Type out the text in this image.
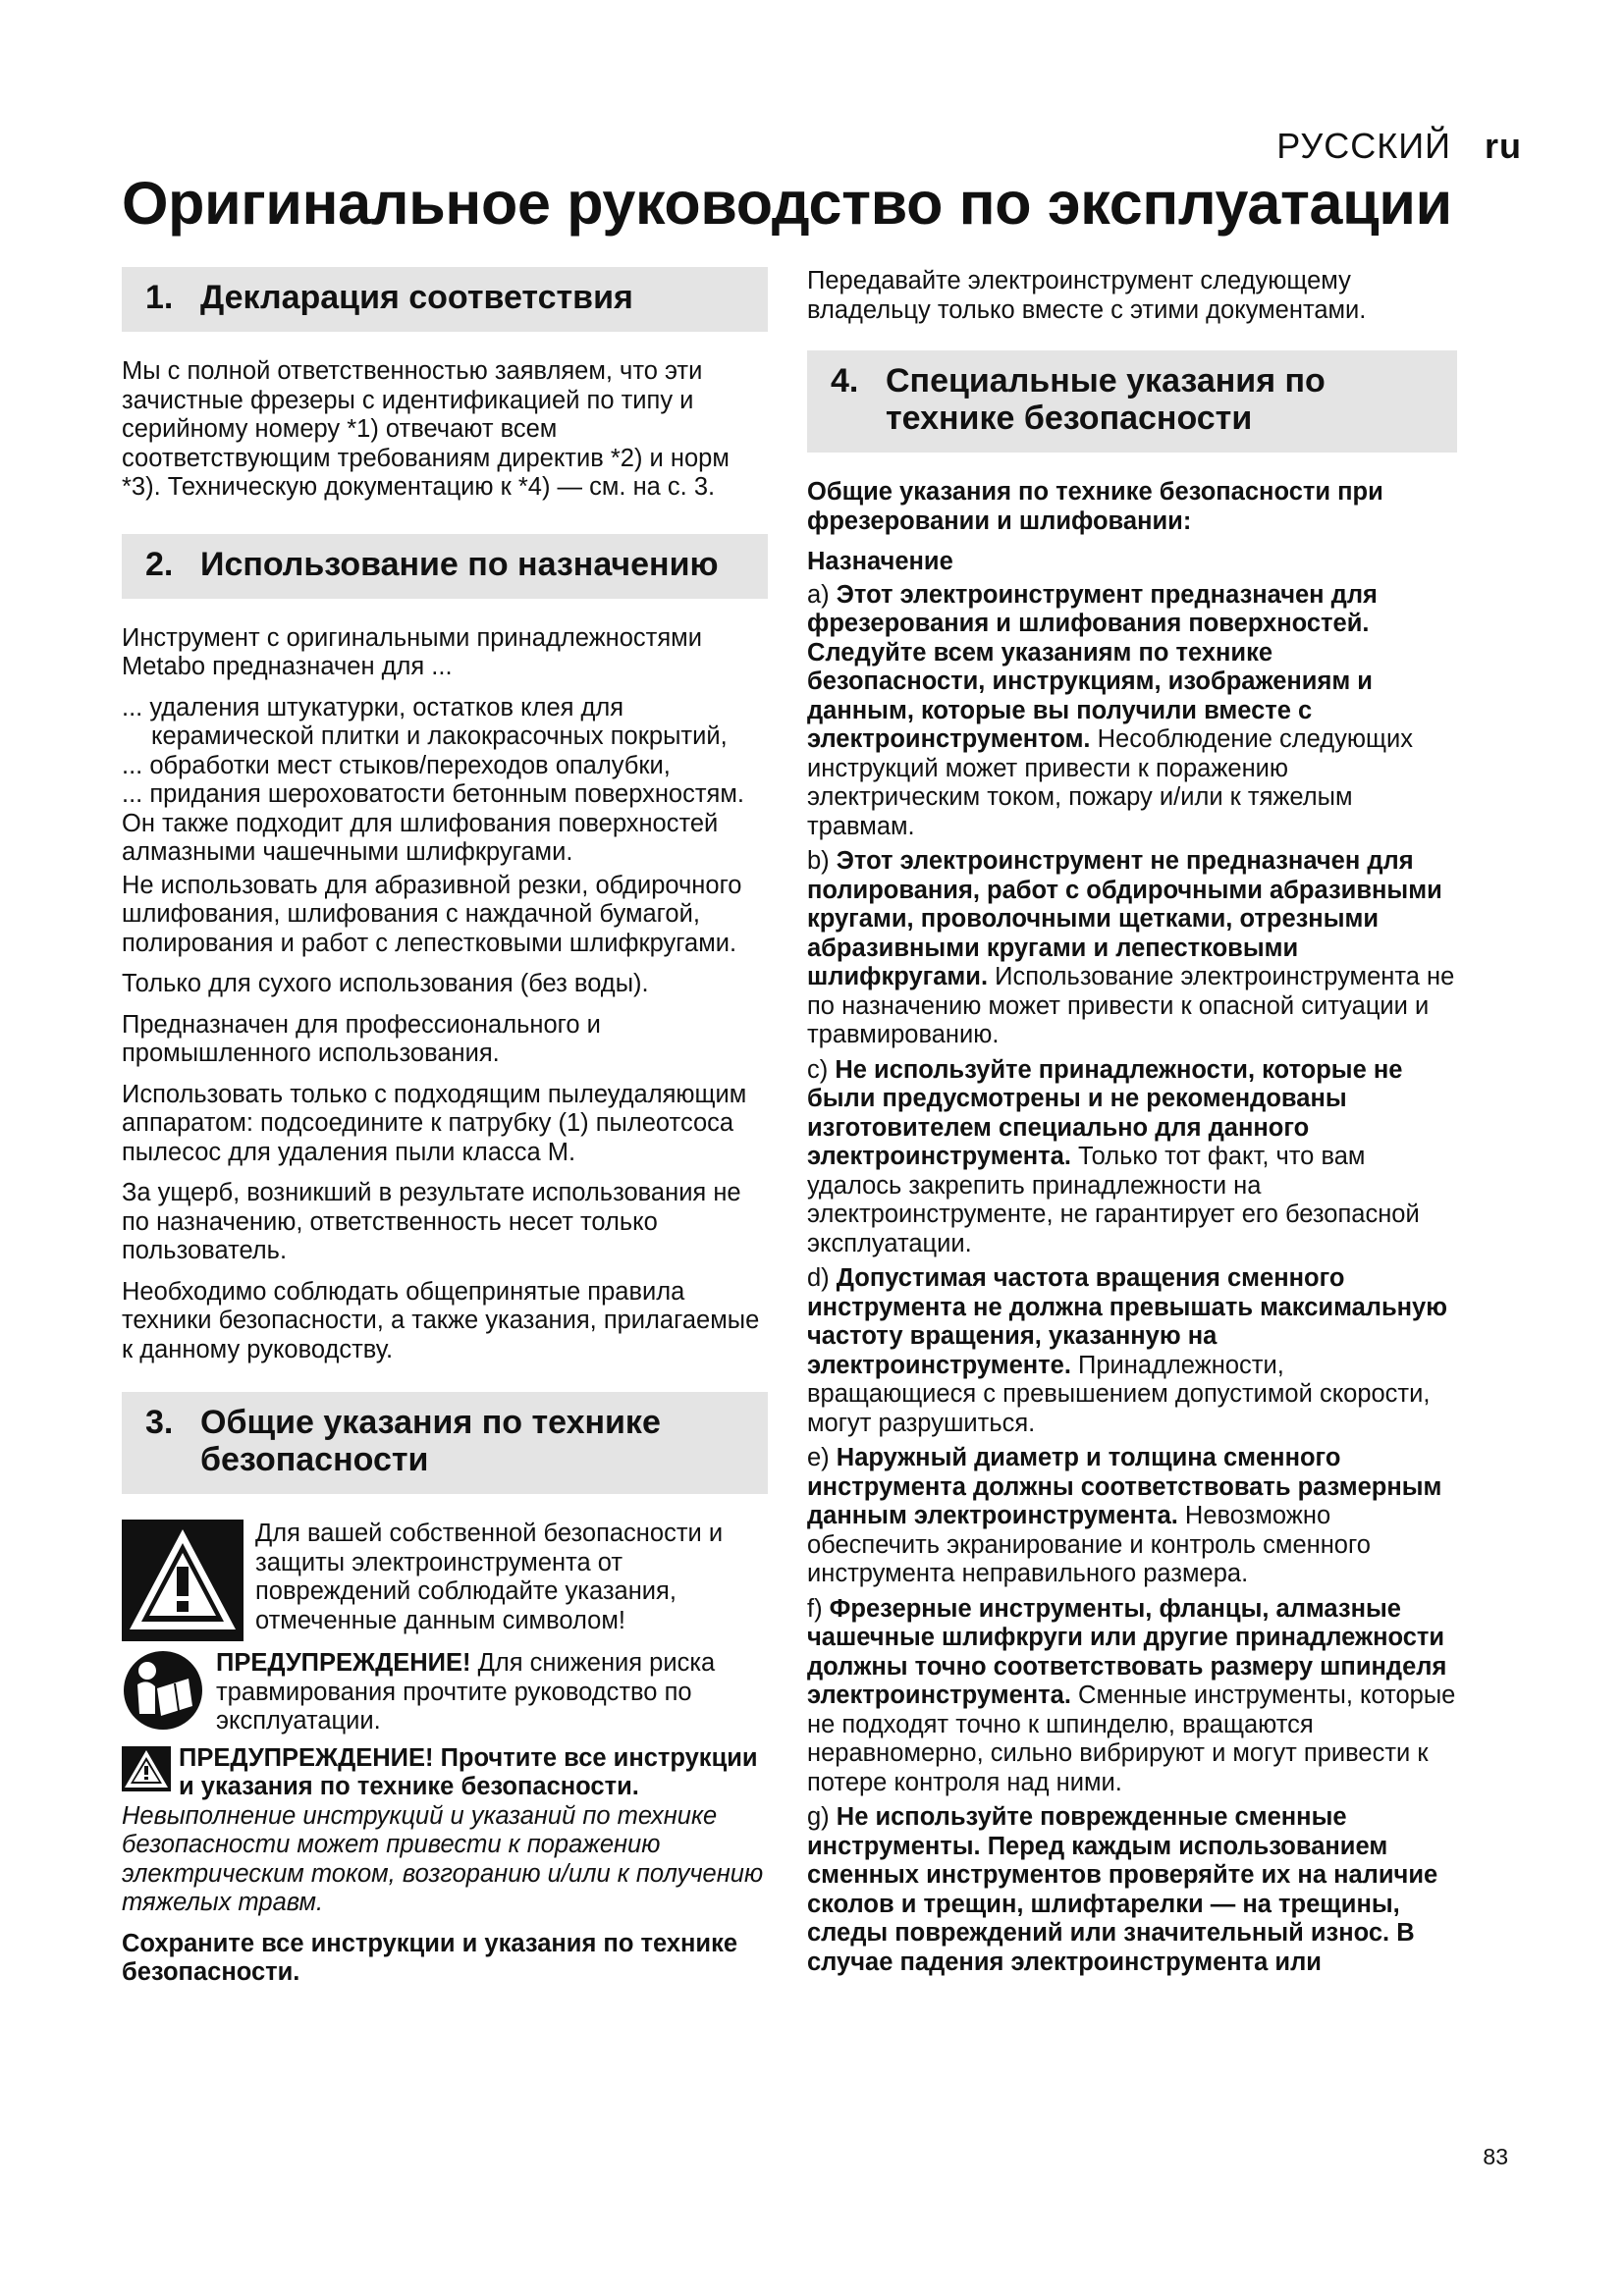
РУССКИЙ ru
Оригинальное руководство по эксплуатации
1. Декларация соответствия

Мы с полной ответственностью заявляем, что эти зачистные фрезеры с идентификацией по типу и серийному номеру *1) отвечают всем соответствующим требованиям директив *2) и норм *3). Техническую документацию к *4) — см. на с. 3.

2. Использование по назначению

Инструмент с оригинальными принадлежностями Metabo предназначен для ...

... удаления штукатурки, остатков клея для керамической плитки и лакокрасочных покрытий,

... обработки мест стыков/переходов опалубки,

... придания шероховатости бетонным поверхностям.

Он также подходит для шлифования поверхностей алмазными чашечными шлифкругами.

Не использовать для абразивной резки, обдирочного шлифования, шлифования с наждачной бумагой, полирования и работ с лепестковыми шлифкругами.

Только для сухого использования (без воды).

Предназначен для профессионального и промышленного использования.

Использовать только с подходящим пылеудаляющим аппаратом: подсоедините к патрубку (1) пылеотсоса пылесос для удаления пыли класса М.

За ущерб, возникший в результате использования не по назначению, ответственность несет только пользователь.

Необходимо соблюдать общепринятые правила техники безопасности, а также указания, прилагаемые к данному руководству.

3. Общие указания по технике безопасности

Для вашей собственной безопасности и защиты электроинструмента от повреждений соблюдайте указания, отмеченные данным символом!

ПРЕДУПРЕЖДЕНИЕ! Для снижения риска травмирования прочтите руководство по эксплуатации.

ПРЕДУПРЕЖДЕНИЕ! Прочтите все инструкции и указания по технике безопасности. Невыполнение инструкций и указаний по технике безопасности может привести к поражению электрическим током, возгоранию и/или к получению тяжелых травм.

Сохраните все инструкции и указания по технике безопасности.

Передавайте электроинструмент следующему владельцу только вместе с этими документами.

4. Специальные указания по технике безопасности

Общие указания по технике безопасности при фрезеровании и шлифовании:

Назначение

a) Этот электроинструмент предназначен для фрезерования и шлифования поверхностей. Следуйте всем указаниям по технике безопасности, инструкциям, изображениям и данным, которые вы получили вместе с электроинструментом. Несоблюдение следующих инструкций может привести к поражению электрическим током, пожару и/или к тяжелым травмам.

b) Этот электроинструмент не предназначен для полирования, работ с обдирочными абразивными кругами, проволочными щетками, отрезными абразивными кругами и лепестковыми шлифкругами. Использование электроинструмента не по назначению может привести к опасной ситуации и травмированию.

c) Не используйте принадлежности, которые не были предусмотрены и не рекомендованы изготовителем специально для данного электроинструмента. Только тот факт, что вам удалось закрепить принадлежности на электроинструменте, не гарантирует его безопасной эксплуатации.

d) Допустимая частота вращения сменного инструмента не должна превышать максимальную частоту вращения, указанную на электроинструменте. Принадлежности, вращающиеся с превышением допустимой скорости, могут разрушиться.

e) Наружный диаметр и толщина сменного инструмента должны соответствовать размерным данным электроинструмента. Невозможно обеспечить экранирование и контроль сменного инструмента неправильного размера.

f) Фрезерные инструменты, фланцы, алмазные чашечные шлифкруги или другие принадлежности должны точно соответствовать размеру шпинделя электроинструмента. Сменные инструменты, которые не подходят точно к шпинделю, вращаются неравномерно, сильно вибрируют и могут привести к потере контроля над ними.

g) Не используйте поврежденные сменные инструменты. Перед каждым использованием сменных инструментов проверяйте их на наличие сколов и трещин, шлифтарелки — на трещины, следы повреждений или значительный износ. В случае падения электроинструмента или

83
